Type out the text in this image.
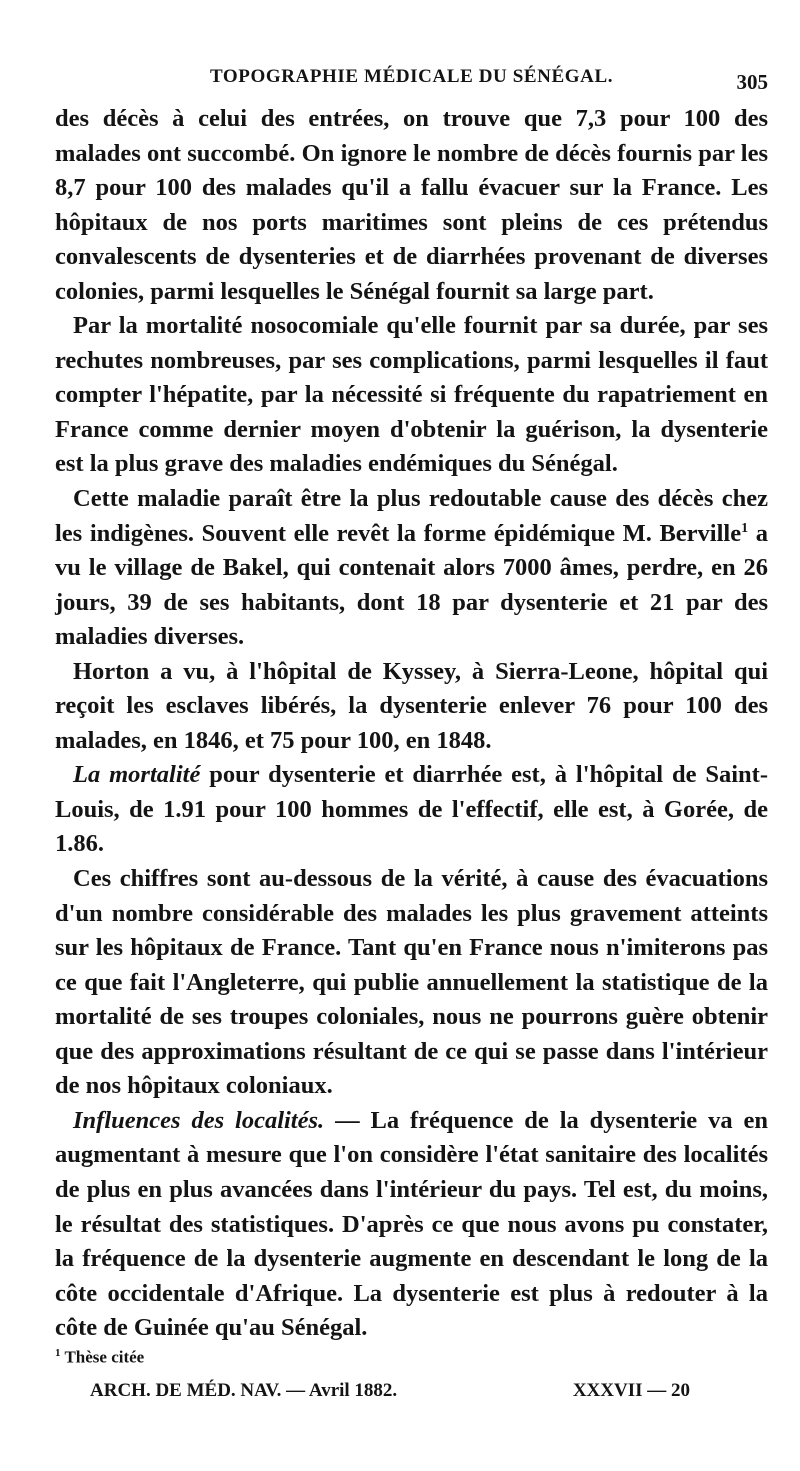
TOPOGRAPHIE MÉDICALE DU SÉNÉGAL.	305

des décès à celui des entrées, on trouve que 7,3 pour 100 des malades ont succombé. On ignore le nombre de décès fournis par les 8,7 pour 100 des malades qu'il a fallu évacuer sur la France. Les hôpitaux de nos ports maritimes sont pleins de ces prétendus convalescents de dysenteries et de diarrhées provenant de diverses colonies, parmi lesquelles le Sénégal fournit sa large part.

Par la mortalité nosocomiale qu'elle fournit par sa durée, par ses rechutes nombreuses, par ses complications, parmi lesquelles il faut compter l'hépatite, par la nécessité si fréquente du rapatriement en France comme dernier moyen d'obtenir la guérison, la dysenterie est la plus grave des maladies endémiques du Sénégal.

Cette maladie paraît être la plus redoutable cause des décès chez les indigènes. Souvent elle revêt la forme épidémique M. Berville$^1$ a vu le village de Bakel, qui contenait alors 7000 âmes, perdre, en 26 jours, 39 de ses habitants, dont 18 par dysenterie et 21 par des maladies diverses.

Horton a vu, à l'hôpital de Kyssey, à Sierra-Leone, hôpital qui reçoit les esclaves libérés, la dysenterie enlever 76 pour 100 des malades, en 1846, et 75 pour 100, en 1848.

La mortalité pour dysenterie et diarrhée est, à l'hôpital de Saint-Louis, de 1.91 pour 100 hommes de l'effectif, elle est, à Gorée, de 1.86.

Ces chiffres sont au-dessous de la vérité, à cause des évacuations d'un nombre considérable des malades les plus gravement atteints sur les hôpitaux de France. Tant qu'en France nous n'imiterons pas ce que fait l'Angleterre, qui publie annuellement la statistique de la mortalité de ses troupes coloniales, nous ne pourrons guère obtenir que des approximations résultant de ce qui se passe dans l'intérieur de nos hôpitaux coloniaux.

Influences des localités. — La fréquence de la dysenterie va en augmentant à mesure que l'on considère l'état sanitaire des localités de plus en plus avancées dans l'intérieur du pays. Tel est, du moins, le résultat des statistiques. D'après ce que nous avons pu constater, la fréquence de la dysenterie augmente en descendant le long de la côte occidentale d'Afrique. La dysenterie est plus à redouter à la côte de Guinée qu'au Sénégal.

$^1$ Thèse citée
ARCH. DE MÉD. NAV. — Avril 1882.	XXXVII — 20
